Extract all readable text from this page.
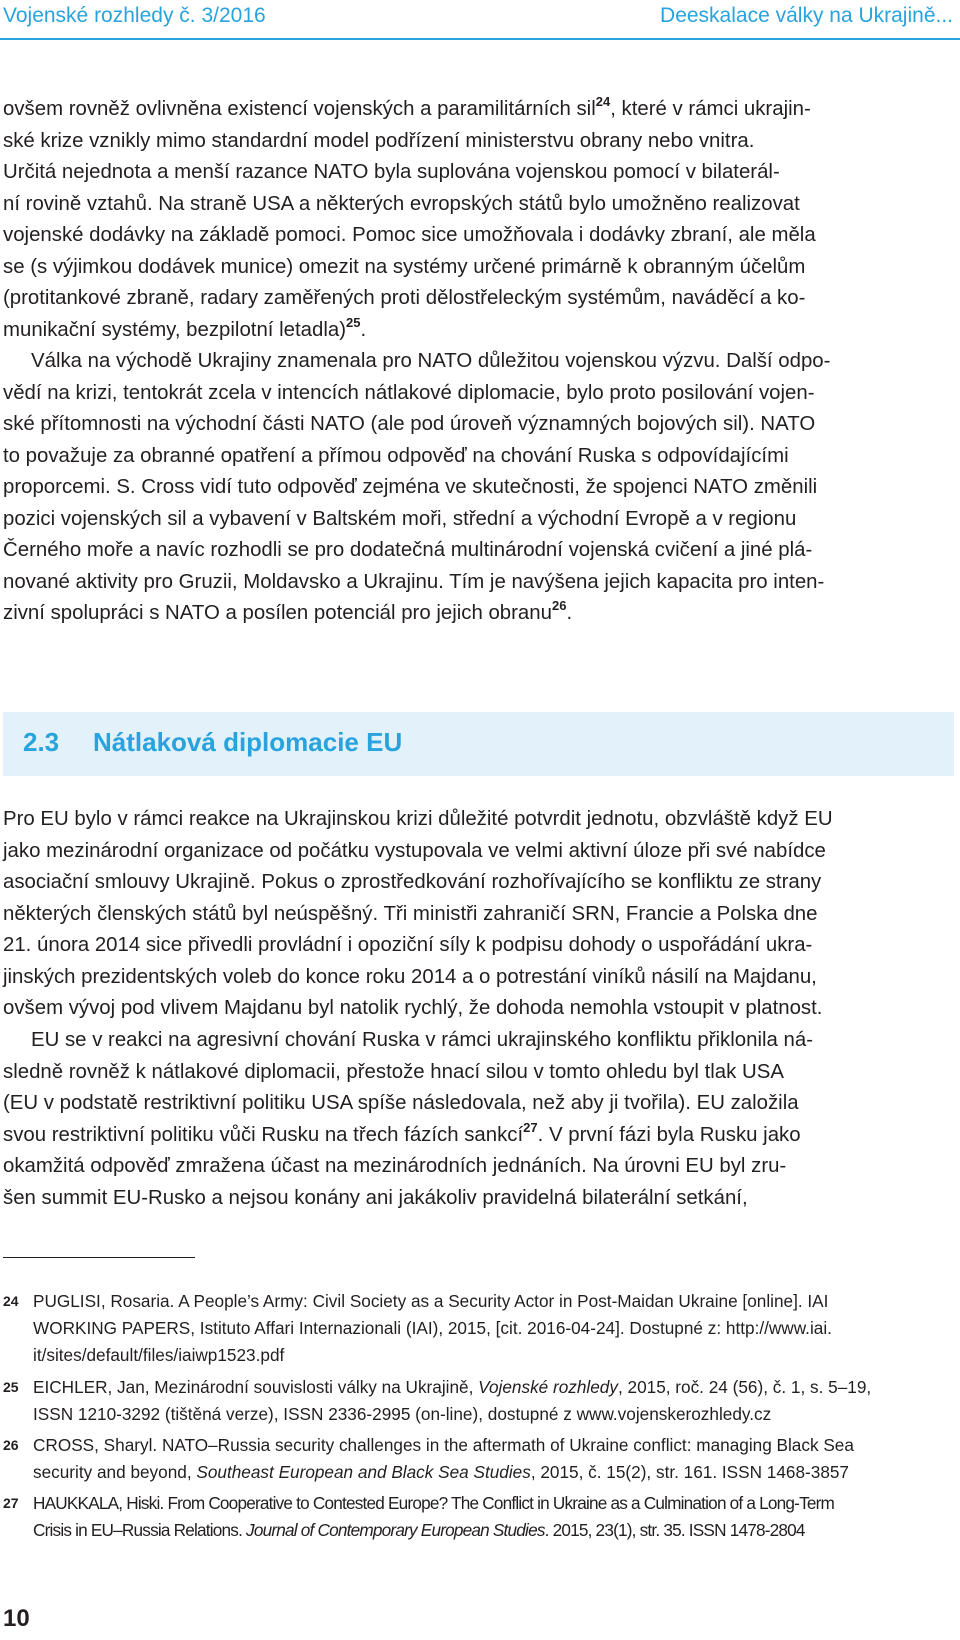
Vojenské rozhledy č. 3/2016	Deeskalace války na Ukrajině...
ovšem rovněž ovlivněna existencí vojenských a paramilitárních sil$^{24}$, které v rámci ukrajin-
ské krize vznikly mimo standardní model podřízení ministerstvu obrany nebo vnitra.
Určitá nejednota a menší razance NATO byla suplována vojenskou pomocí v bilaterál-
ní rovině vztahů. Na straně USA a některých evropských států bylo umožněno realizovat
vojenské dodávky na základě pomoci. Pomoc sice umožňovala i dodávky zbraní, ale měla
se (s výjimkou dodávek munice) omezit na systémy určené primárně k obranným účelům
(protitankové zbraně, radary zaměřených proti dělostřeleckým systémům, naváděcí a ko-
munikační systémy, bezpilotní letadla)$^{25}$.
Válka na východě Ukrajiny znamenala pro NATO důležitou vojenskou výzvu. Další odpo-
vědí na krizi, tentokrát zcela v intencích nátlakové diplomacie, bylo proto posilování vojen-
ské přítomnosti na východní části NATO (ale pod úroveň významných bojových sil). NATO
to považuje za obranné opatření a přímou odpověď na chování Ruska s odpovídajícími
proporcemi. S. Cross vidí tuto odpověď zejména ve skutečnosti, že spojenci NATO změnili
pozici vojenských sil a vybavení v Baltském moři, střední a východní Evropě a v regionu
Černého moře a navíc rozhodli se pro dodatečná multinárodní vojenská cvičení a jiné plá-
nované aktivity pro Gruzii, Moldavsko a Ukrajinu. Tím je navýšena jejich kapacita pro inten-
zivní spolupráci s NATO a posílen potenciál pro jejich obranu$^{26}$.
2.3 Nátlaková diplomacie EU
Pro EU bylo v rámci reakce na Ukrajinskou krizi důležité potvrdit jednotu, obzvláště když EU
jako mezinárodní organizace od počátku vystupovala ve velmi aktivní úloze při své nabídce
asociační smlouvy Ukrajině. Pokus o zprostředkování rozhořívajícího se konfliktu ze strany
některých členských států byl neúspěšný. Tři ministři zahraničí SRN, Francie a Polska dne
21. února 2014 sice přivedli provládní i opoziční síly k podpisu dohody o uspořádání ukra-
jinských prezidentských voleb do konce roku 2014 a o potrestání viníků násilí na Majdanu,
ovšem vývoj pod vlivem Majdanu byl natolik rychlý, že dohoda nemohla vstoupit v platnost.
EU se v reakci na agresivní chování Ruska v rámci ukrajinského konfliktu přiklonila ná-
sledně rovněž k nátlakové diplomacii, přestože hnací silou v tomto ohledu byl tlak USA
(EU v podstatě restriktivní politiku USA spíše následovala, než aby ji tvořila). EU založila
svou restriktivní politiku vůči Rusku na třech fázích sankcí$^{27}$. V první fázi byla Rusku jako
okamžitá odpověď zmražena účast na mezinárodních jednáních. Na úrovni EU byl zru-
šen summit EU-Rusko a nejsou konány ani jakákoliv pravidelná bilaterální setkání,
24 PUGLISI, Rosaria. A People’s Army: Civil Society as a Security Actor in Post-Maidan Ukraine [online]. IAI
WORKING PAPERS, Istituto Affari Internazionali (IAI), 2015, [cit. 2016-04-24]. Dostupné z: http://www.iai.
it/sites/default/files/iaiwp1523.pdf
25 EICHLER, Jan, Mezinárodní souvislosti války na Ukrajině, Vojenské rozhledy, 2015, roč. 24 (56), č. 1, s. 5–19,
ISSN 1210-3292 (tištěná verze), ISSN 2336-2995 (on-line), dostupné z www.vojenskerozhledy.cz
26 CROSS, Sharyl. NATO–Russia security challenges in the aftermath of Ukraine conflict: managing Black Sea
security and beyond, Southeast European and Black Sea Studies, 2015, č. 15(2), str. 161. ISSN 1468-3857
27 HAUKKALA, Hiski. From Cooperative to Contested Europe? The Conflict in Ukraine as a Culmination of a Long-Term
Crisis in EU–Russia Relations. Journal of Contemporary European Studies. 2015, 23(1), str. 35. ISSN 1478-2804
10
